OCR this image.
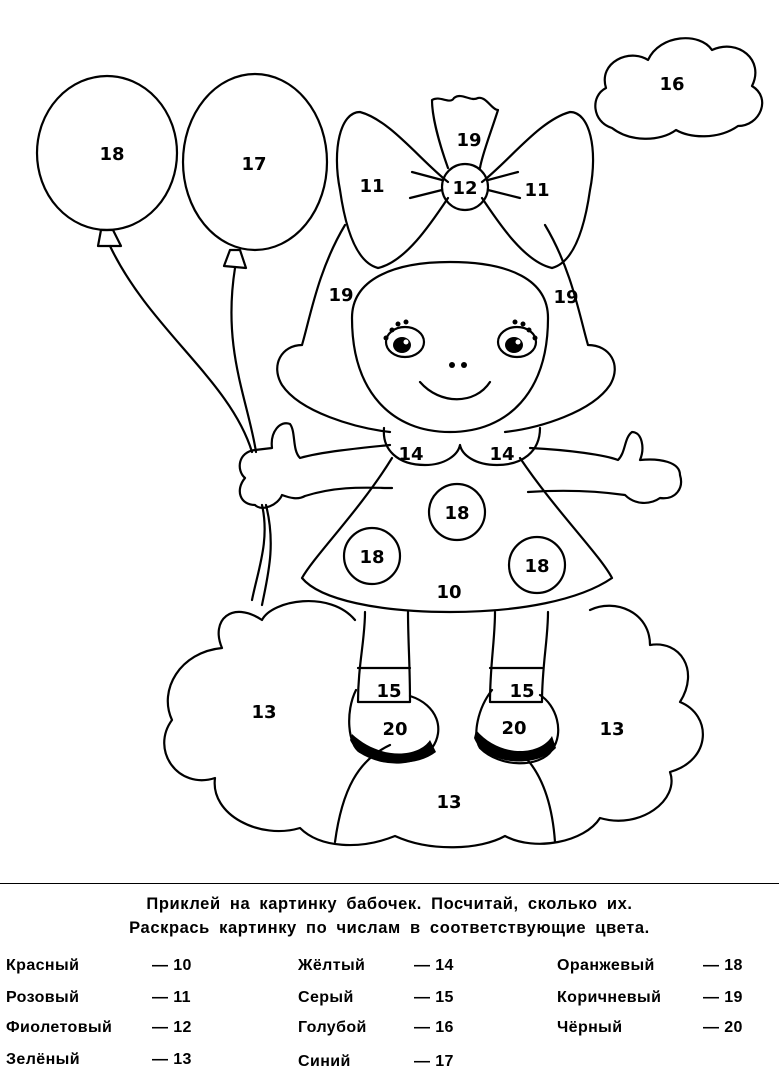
16
18	17
19
11	12	11
19	19
14	14
18
18	18
10
15	15
20	20
13
13
13
Приклей на картинку бабочек. Посчитай, сколько их.
Раскрась картинку по числам в соответствующие цвета.
Красный	— 10
Розовый	— 11
Фиолетовый — 12
Зелёный	— 13
Жёлтый	— 14
Серый	— 15
Голубой	— 16
Синий	— 17
Оранжевый	— 18
Коричневый	— 19
Чёрный	— 20
